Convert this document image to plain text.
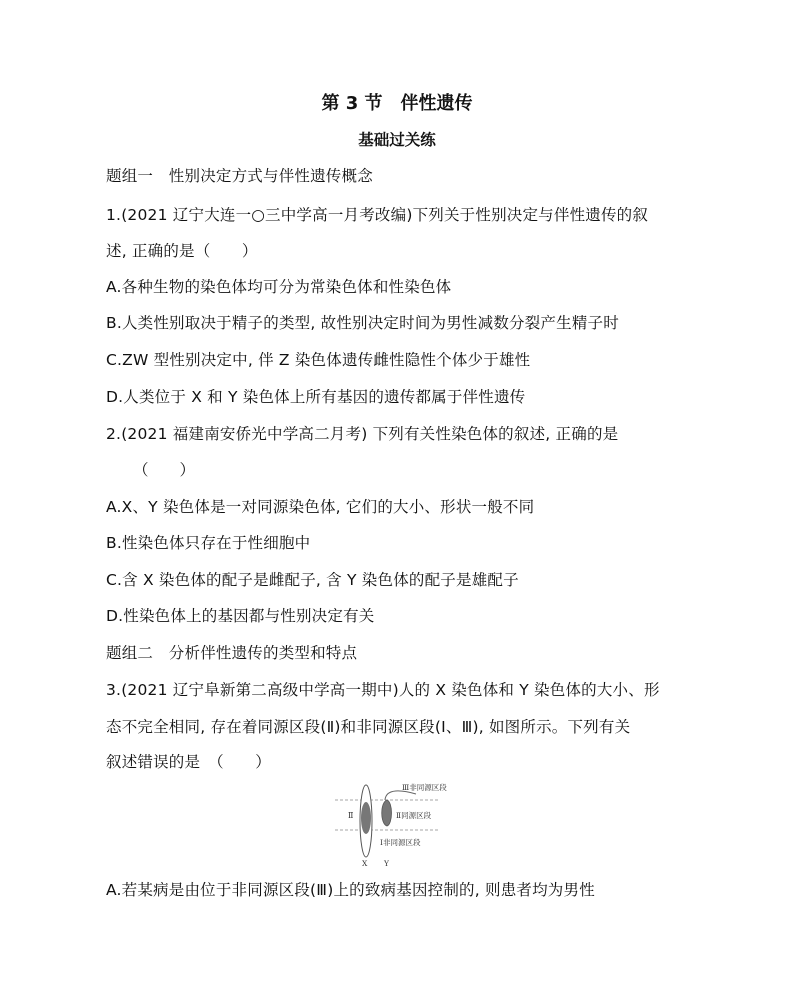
第 3 节　伴性遗传
基础过关练
题组一　性别决定方式与伴性遗传概念
1.(2021 辽宁大连一○三中学高一月考改编)下列关于性别决定与伴性遗传的叙
述, 正确的是（　　）
A.各种生物的染色体均可分为常染色体和性染色体
B.人类性别取决于精子的类型, 故性别决定时间为男性减数分裂产生精子时
C.ZW 型性别决定中, 伴 Z 染色体遗传雌性隐性个体少于雄性
D.人类位于 X 和 Y 染色体上所有基因的遗传都属于伴性遗传
2.(2021 福建南安侨光中学高二月考) 下列有关性染色体的叙述, 正确的是
（　　）
A.X、Y 染色体是一对同源染色体, 它们的大小、形状一般不同
B.性染色体只存在于性细胞中
C.含 X 染色体的配子是雌配子, 含 Y 染色体的配子是雄配子
D.性染色体上的基因都与性别决定有关
题组二　分析伴性遗传的类型和特点
3.(2021 辽宁阜新第二高级中学高一期中)人的 X 染色体和 Y 染色体的大小、形
态不完全相同, 存在着同源区段(Ⅱ)和非同源区段(Ⅰ、Ⅲ), 如图所示。下列有关
叙述错误的是　（　　）
Ⅲ非同源区段
Ⅱ	Ⅱ同源区段
Ⅰ非同源区段
X Y
A.若某病是由位于非同源区段(Ⅲ)上的致病基因控制的, 则患者均为男性
